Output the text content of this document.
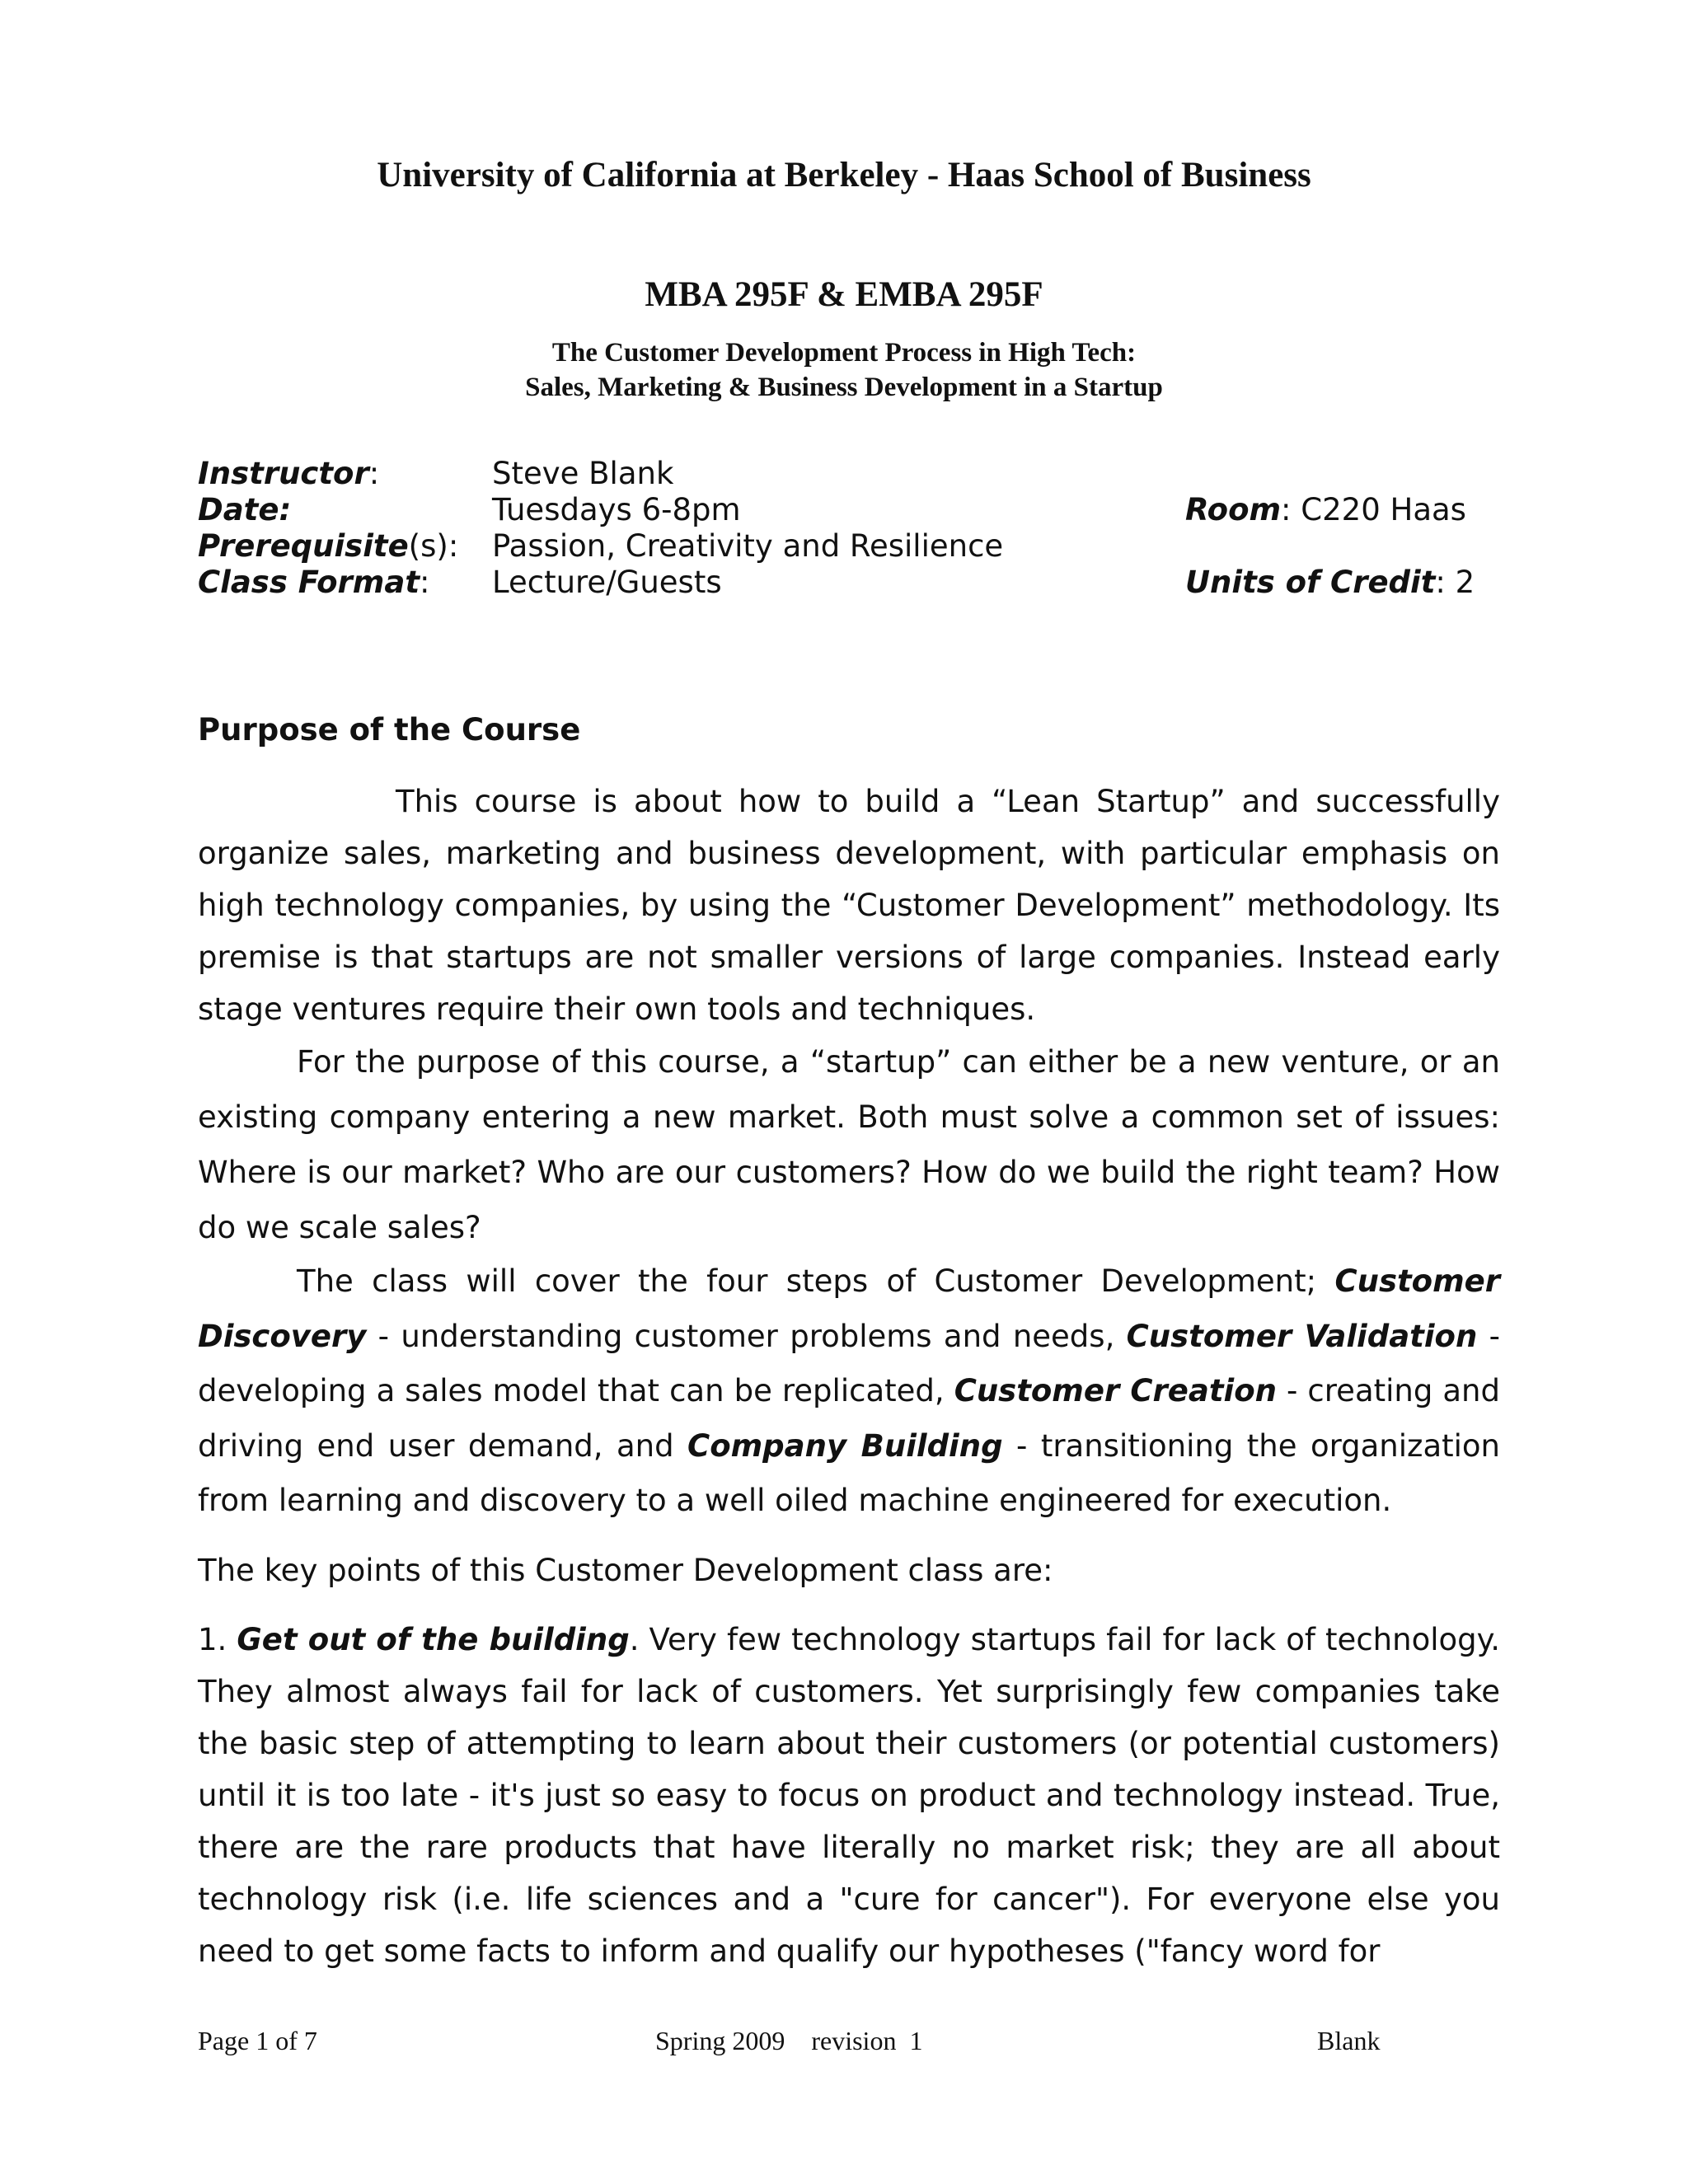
University of California at Berkeley - Haas School of Business
MBA 295F & EMBA 295F
The Customer Development Process in High Tech:
Sales, Marketing & Business Development in a Startup
Instructor:	Steve Blank
Date:	Tuesdays 6-8pm	Room: C220 Haas
Prerequisite(s): Passion, Creativity and Resilience
Class Format: Lecture/Guests	Units of Credit: 2
Purpose of the Course

This course is about how to build a “Lean Startup” and successfully organize sales, marketing and business development, with particular emphasis on high technology companies, by using the “Customer Development” methodology. Its premise is that startups are not smaller versions of large companies. Instead early stage ventures require their own tools and techniques.

For the purpose of this course, a “startup” can either be a new venture, or an existing company entering a new market. Both must solve a common set of issues: Where is our market? Who are our customers? How do we build the right team? How do we scale sales?

The class will cover the four steps of Customer Development; Customer Discovery - understanding customer problems and needs, Customer Validation - developing a sales model that can be replicated, Customer Creation - creating and driving end user demand, and Company Building - transitioning the organization from learning and discovery to a well oiled machine engineered for execution.

The key points of this Customer Development class are:

1. Get out of the building. Very few technology startups fail for lack of technology. They almost always fail for lack of customers. Yet surprisingly few companies take the basic step of attempting to learn about their customers (or potential customers) until it is too late - it's just so easy to focus on product and technology instead. True, there are the rare products that have literally no market risk; they are all about technology risk (i.e. life sciences and a "cure for cancer"). For everyone else you need to get some facts to inform and qualify our hypotheses ("fancy word for

Page 1 of 7	Spring 2009    revision  1	Blank
